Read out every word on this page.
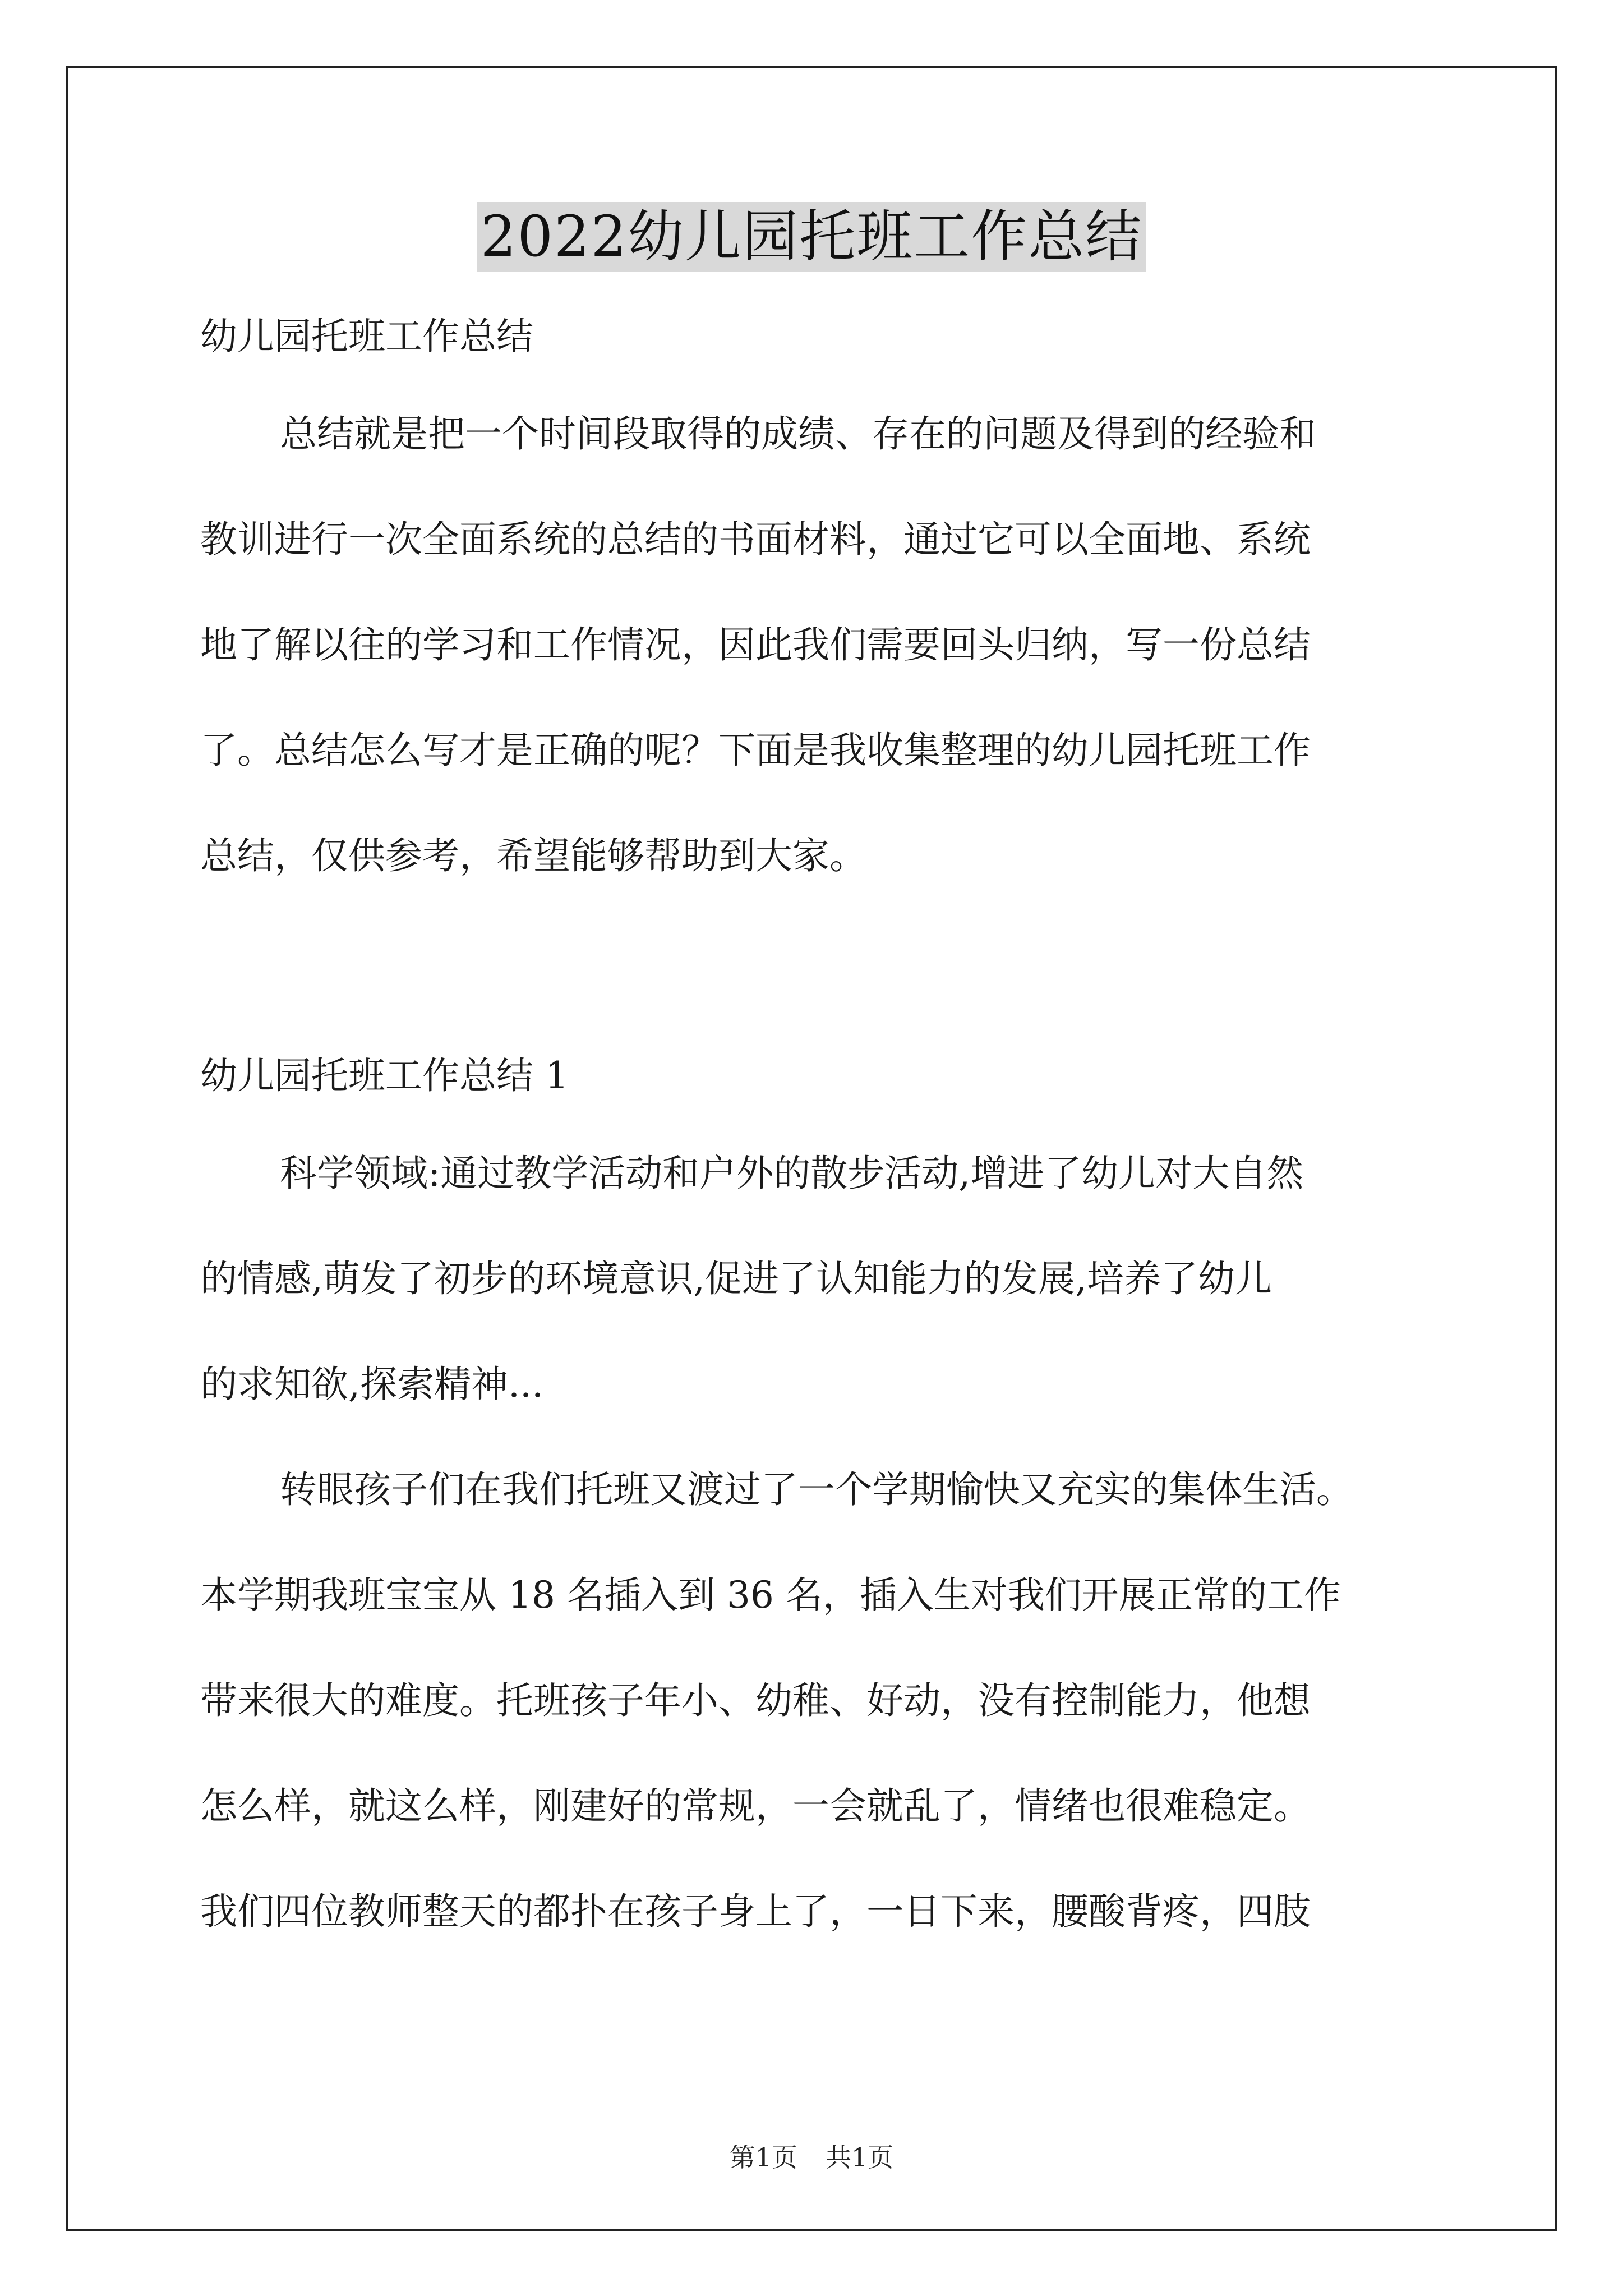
2022幼儿园托班工作总结
幼儿园托班工作总结
总结就是把一个时间段取得的成绩、存在的问题及得到的经验和
教训进行一次全面系统的总结的书面材料，通过它可以全面地、系统
地了解以往的学习和工作情况，因此我们需要回头归纳，写一份总结
了。总结怎么写才是正确的呢？下面是我收集整理的幼儿园托班工作
总结，仅供参考，希望能够帮助到大家。
幼儿园托班工作总结 1
科学领域:通过教学活动和户外的散步活动,增进了幼儿对大自然
的情感,萌发了初步的环境意识,促进了认知能力的发展,培养了幼儿
的求知欲,探索精神...
转眼孩子们在我们托班又渡过了一个学期愉快又充实的集体生活。
本学期我班宝宝从 18 名插入到 36 名，插入生对我们开展正常的工作
带来很大的难度。托班孩子年小、幼稚、好动，没有控制能力，他想
怎么样，就这么样，刚建好的常规，一会就乱了，情绪也很难稳定。
我们四位教师整天的都扑在孩子身上了，一日下来，腰酸背疼，四肢
第1页 共1页
